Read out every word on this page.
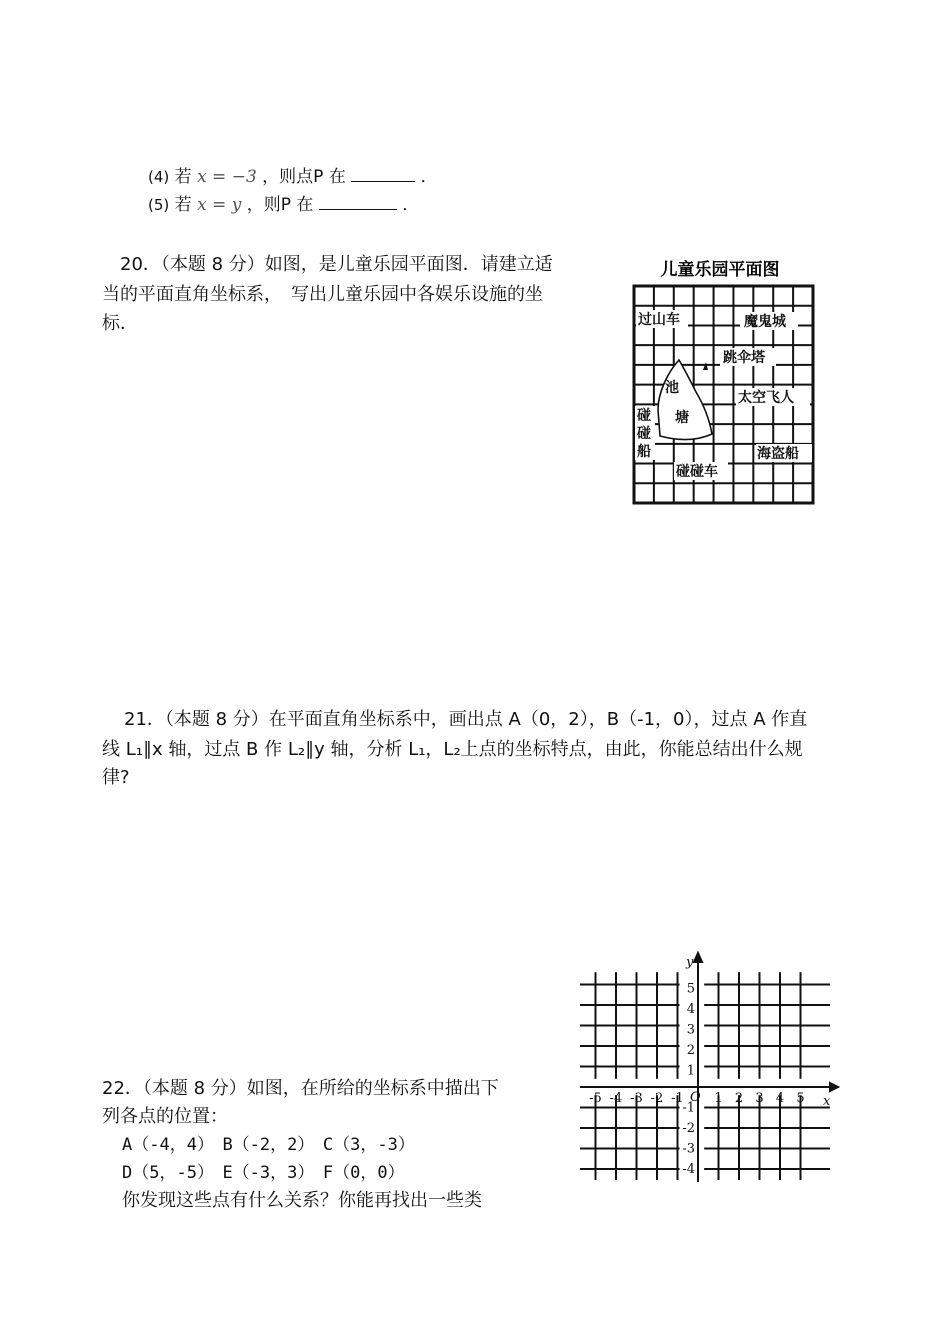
(4) 若 x = −3 ，则点P 在	．
(5) 若 x = y ，则P 在	．
20．（本题 8 分）如图，是儿童乐园平面图．请建立适
当的平面直角坐标系，　写出儿童乐园中各娱乐设施的坐
标．
儿童乐园平面图
过山车	魔鬼城
跳伞塔
池
塘
太空飞人
碰
碰
船	海盗船
碰碰车
21．（本题 8 分）在平面直角坐标系中，画出点 A（0，2），B（-1，0），过点 A 作直
线 L₁∥x 轴，过点 B 作 L₂∥y 轴，分析 L₁，L₂上点的坐标特点，由此，你能总结出什么规
律?
22．（本题 8 分）如图，在所给的坐标系中描出下
列各点的位置：
A（-4，4）　B（-2，2）　C（3，-3）
D（5，-5）　E（-3，3）　F（0，0）
你发现这些点有什么关系？你能再找出一些类
-5 -4 -3 -2 -1 1 2 3 4 5
5
4
3
2
1
-1
-2
-3
-4
O	x
y
